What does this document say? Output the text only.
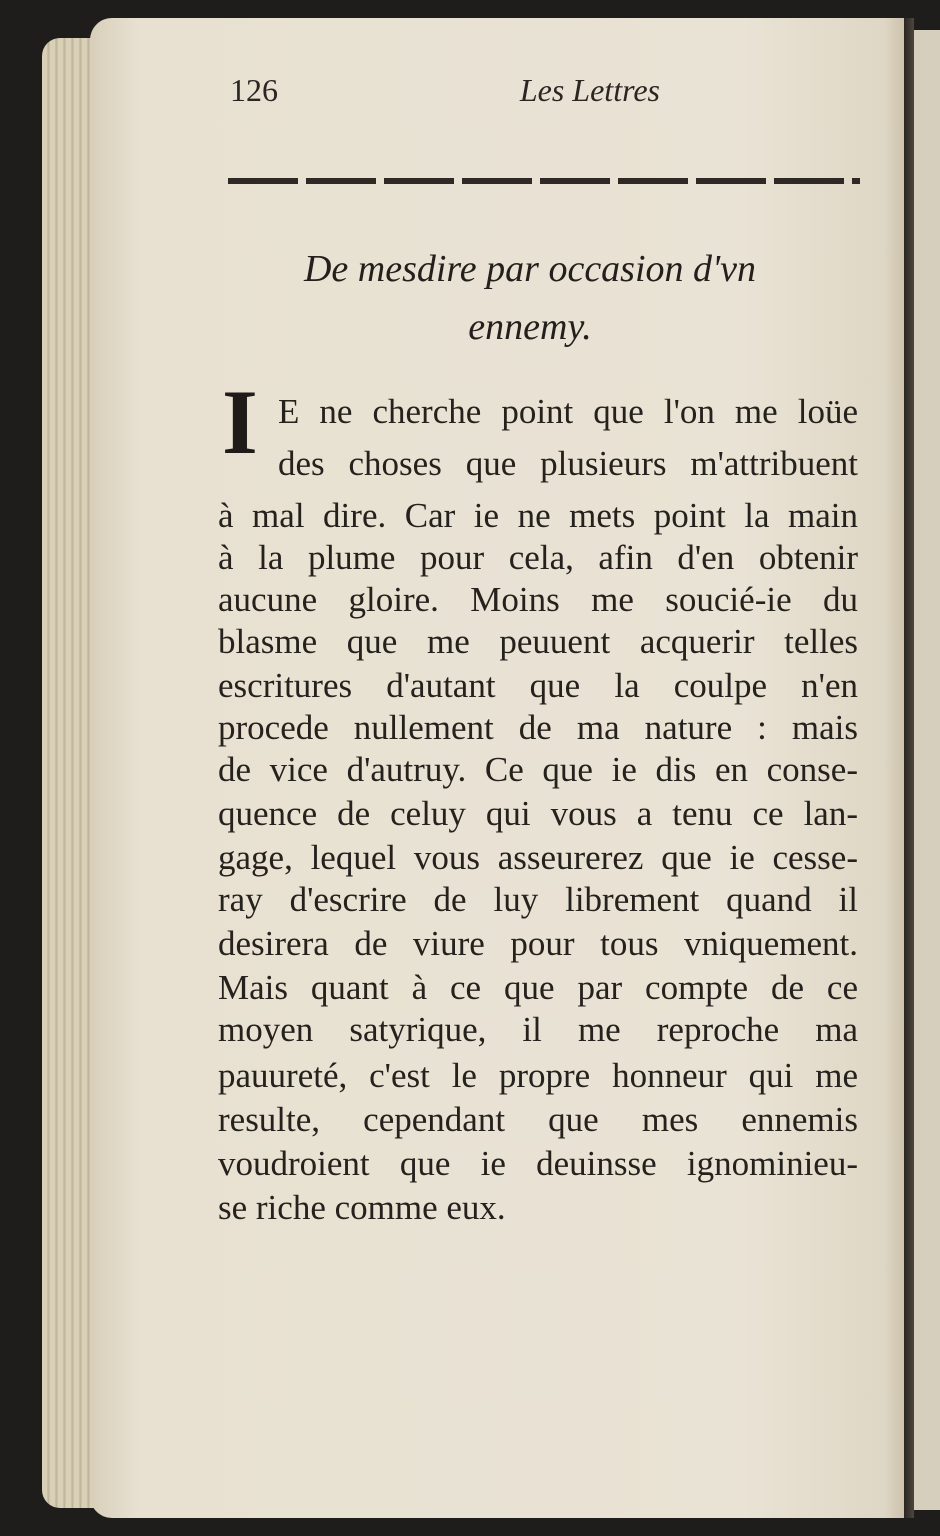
126	Les Lettres
De mesdire par occasion d'vn
ennemy.
I E ne cherche point que l'on me loüe
des choses que plusieurs m'attribuent
à mal dire. Car ie ne mets point la main
à la plume pour cela, afin d'en obtenir
aucune gloire. Moins me soucié-ie du
blasme que me peuuent acquerir telles
escritures d'autant que la coulpe n'en
procede nullement de ma nature : mais
de vice d'autruy. Ce que ie dis en conse-
quence de celuy qui vous a tenu ce lan-
gage, lequel vous asseurerez que ie cesse-
ray d'escrire de luy librement quand il
desirera de viure pour tous vniquement.
Mais quant à ce que par compte de ce
moyen satyrique, il me reproche ma
pauureté, c'est le propre honneur qui me
resulte, cependant que mes ennemis
voudroient que ie deuinsse ignominieu-
se riche comme eux.
